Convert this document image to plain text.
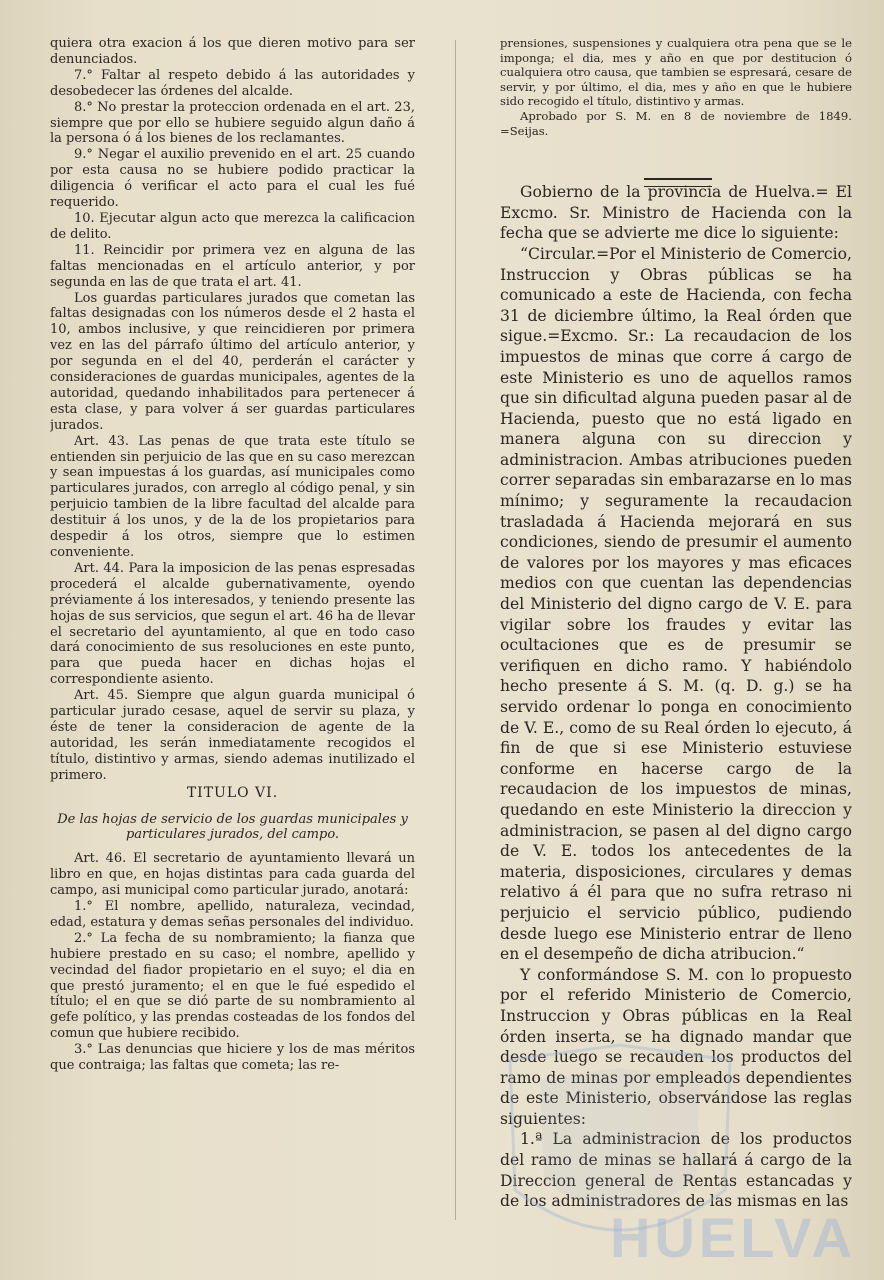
quiera otra exacion á los que dieren motivo para ser denunciados.

7.° Faltar al respeto debido á las autoridades y desobedecer las órdenes del alcalde.

8.° No prestar la proteccion ordenada en el art. 23, siempre que por ello se hubiere seguido algun daño á la persona ó á los bienes de los reclamantes.

9.° Negar el auxilio prevenido en el art. 25 cuando por esta causa no se hubiere podido practicar la diligencia ó verificar el acto para el cual les fué requerido.

10. Ejecutar algun acto que merezca la calificacion de delito.

11. Reincidir por primera vez en alguna de las faltas mencionadas en el artículo anterior, y por segunda en las de que trata el art. 41.

Los guardas particulares jurados que cometan las faltas designadas con los números desde el 2 hasta el 10, ambos inclusive, y que reincidieren por primera vez en las del párrafo último del artículo anterior, y por segunda en el del 40, perderán el carácter y consideraciones de guardas municipales, agentes de la autoridad, quedando inhabilitados para pertenecer á esta clase, y para volver á ser guardas particulares jurados.

Art. 43. Las penas de que trata este título se entienden sin perjuicio de las que en su caso merezcan y sean impuestas á los guardas, así municipales como particulares jurados, con arreglo al código penal, y sin perjuicio tambien de la libre facultad del alcalde para destituir á los unos, y de la de los propietarios para despedir á los otros, siempre que lo estimen conveniente.

Art. 44. Para la imposicion de las penas espresadas procederá el alcalde gubernativamente, oyendo préviamente á los interesados, y teniendo presente las hojas de sus servicios, que segun el art. 46 ha de llevar el secretario del ayuntamiento, al que en todo caso dará conocimiento de sus resoluciones en este punto, para que pueda hacer en dichas hojas el correspondiente asiento.

Art. 45. Siempre que algun guarda municipal ó particular jurado cesase, aquel de servir su plaza, y éste de tener la consideracion de agente de la autoridad, les serán inmediatamente recogidos el título, distintivo y armas, siendo ademas inutilizado el primero.

TITULO VI.
De las hojas de servicio de los guardas municipales y particulares jurados, del campo.

Art. 46. El secretario de ayuntamiento llevará un libro en que, en hojas distintas para cada guarda del campo, asi municipal como particular jurado, anotará:

1.° El nombre, apellido, naturaleza, vecindad, edad, estatura y demas señas personales del individuo.

2.° La fecha de su nombramiento; la fianza que hubiere prestado en su caso; el nombre, apellido y vecindad del fiador propietario en el suyo; el dia en que prestó juramento; el en que le fué espedido el título; el en que se dió parte de su nombramiento al gefe político, y las prendas costeadas de los fondos del comun que hubiere recibido.

3.° Las denuncias que hiciere y los de mas méritos que contraiga; las faltas que cometa; las re-

prensiones, suspensiones y cualquiera otra pena que se le imponga; el dia, mes y año en que por destitucion ó cualquiera otro causa, que tambien se espresará, cesare de servir, y por último, el dia, mes y año en que le hubiere sido recogido el título, distintivo y armas.

Aprobado por S. M. en 8 de noviembre de 1849. =Seijas.

Gobierno de la provincia de Huelva.= El Excmo. Sr. Ministro de Hacienda con la fecha que se advierte me dice lo siguiente:

“Circular.=Por el Ministerio de Comercio, Instruccion y Obras públicas se ha comunicado a este de Hacienda, con fecha 31 de diciembre último, la Real órden que sigue.=Excmo. Sr.: La recaudacion de los impuestos de minas que corre á cargo de este Ministerio es uno de aquellos ramos que sin dificultad alguna pueden pasar al de Hacienda, puesto que no está ligado en manera alguna con su direccion y administracion. Ambas atribuciones pueden correr separadas sin embarazarse en lo mas mínimo; y seguramente la recaudacion trasladada á Hacienda mejorará en sus condiciones, siendo de presumir el aumento de valores por los mayores y mas eficaces medios con que cuentan las dependencias del Ministerio del digno cargo de V. E. para vigilar sobre los fraudes y evitar las ocultaciones que es de presumir se verifiquen en dicho ramo. Y habiéndolo hecho presente á S. M. (q. D. g.) se ha servido ordenar lo ponga en conocimiento de V. E., como de su Real órden lo ejecuto, á fin de que si ese Ministerio estuviese conforme en hacerse cargo de la recaudacion de los impuestos de minas, quedando en este Ministerio la direccion y administracion, se pasen al del digno cargo de V. E. todos los antecedentes de la materia, disposiciones, circulares y demas relativo á él para que no sufra retraso ni perjuicio el servicio público, pudiendo desde luego ese Ministerio entrar de lleno en el desempeño de dicha atribucion.“

Y conformándose S. M. con lo propuesto por el referido Ministerio de Comercio, Instruccion y Obras públicas en la Real órden inserta, se ha dignado mandar que desde luego se recauden los productos del ramo de minas por empleados dependientes de este Ministerio, observándose las reglas siguientes:

1.ª La administracion de los productos del ramo de minas se hallará á cargo de la Direccion general de Rentas estancadas y de los administradores de las mismas en las

HUELVA
